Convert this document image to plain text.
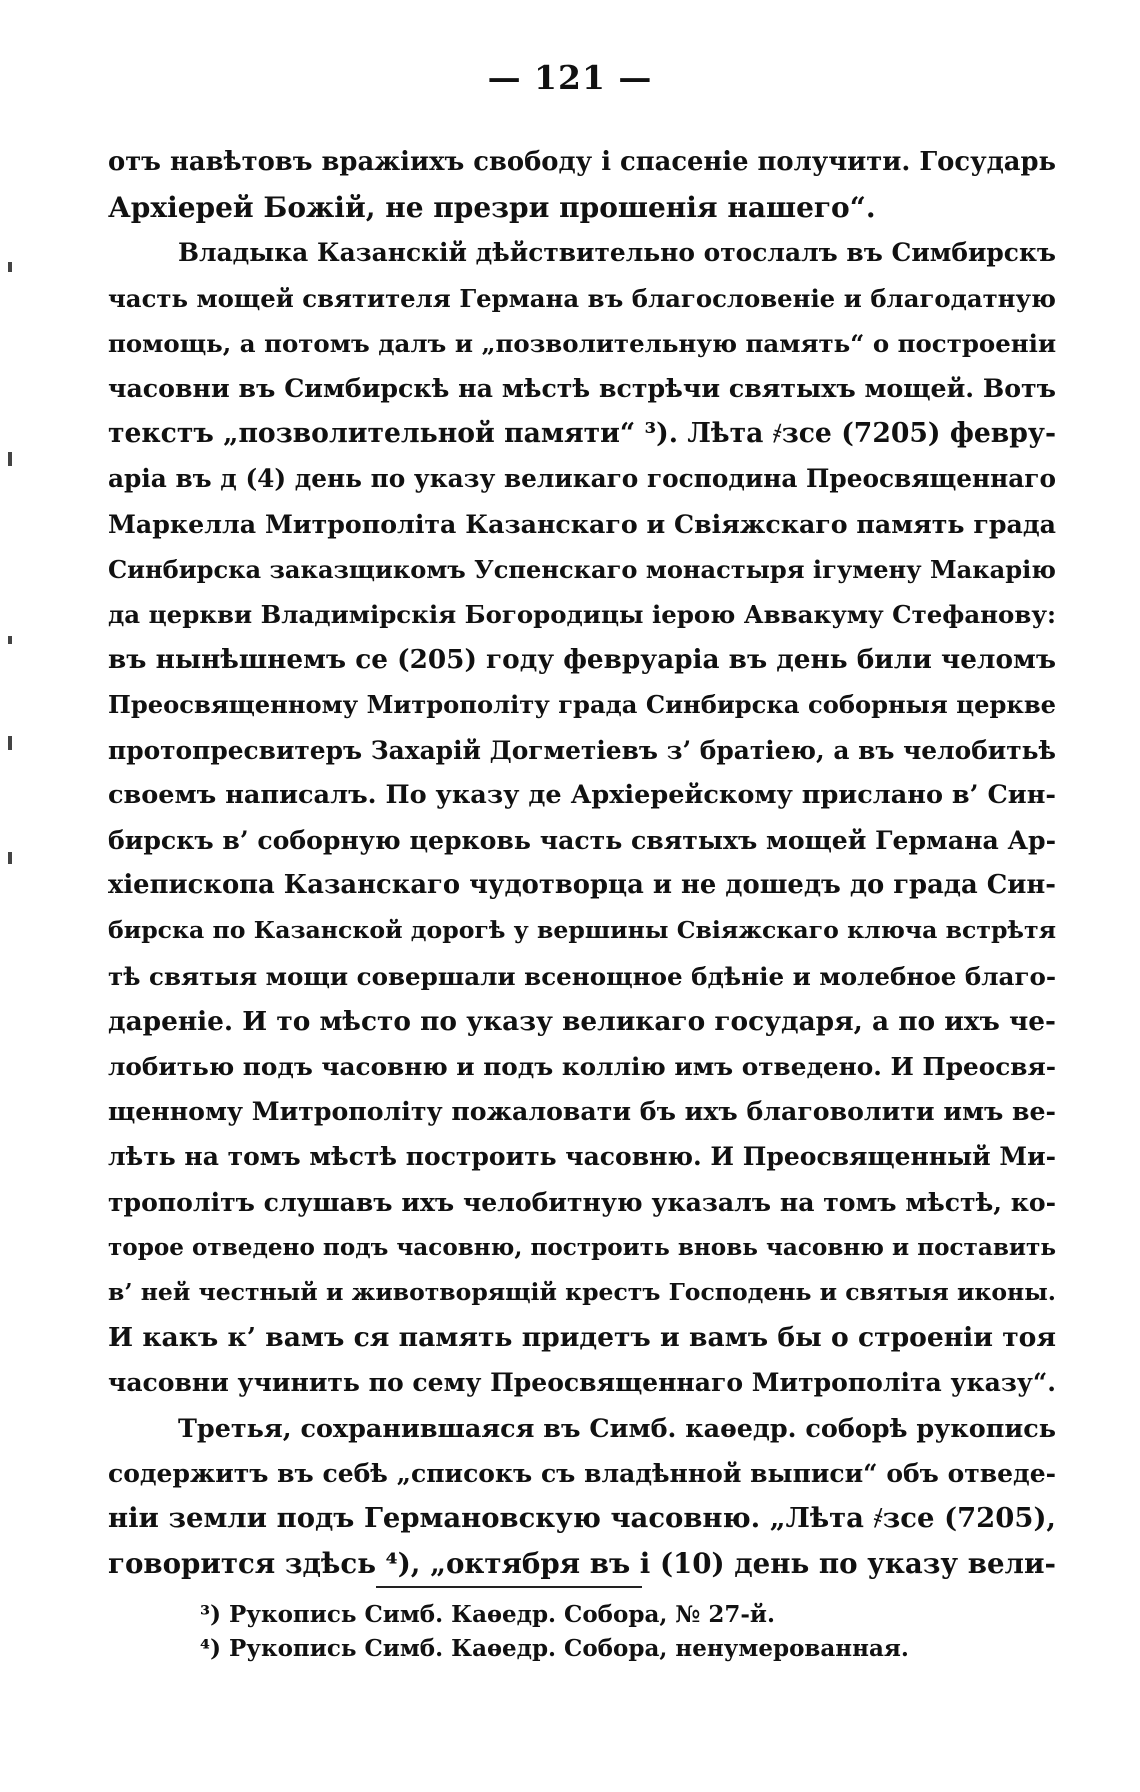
— 121 —

отъ навѣтовъ вражіихъ свободу і спасеніе получити. Государь
Архіерей Божій, не презри прошенія нашего“.

Владыка Казанскій дѣйствительно отослалъ въ Симбирскъ
часть мощей святителя Германа въ благословеніе и благодатную
помощь, а потомъ далъ и „позволительную память“ о построеніи
часовни въ Симбирскѣ на мѣстѣ встрѣчи святыхъ мощей. Вотъ
текстъ „позволительной памяти“ ³). Лѣта ҂зсе (7205) февру-
аріа въ д (4) день по указу великаго господина Преосвященнаго
Маркелла Митрополіта Казанскаго и Свіяжскаго память града
Синбирска заказщикомъ Успенскаго монастыря ігумену Макарію
да церкви Владимірскія Богородицы іерою Аввакуму Стефанову:
въ нынѣшнемъ се (205) году февруаріа въ день били челомъ
Преосвященному Митрополіту града Синбирска соборныя церкве
протопресвитеръ Захарій Догметіевъ з’ братіею, а въ челобитьѣ
своемъ написалъ. По указу де Архіерейскому прислано в’ Син-
бирскъ в’ соборную церковь часть святыхъ мощей Германа Ар-
хіепископа Казанскаго чудотворца и не дошедъ до града Син-
бирска по Казанской дорогѣ у вершины Свіяжскаго ключа встрѣтя
тѣ святыя мощи совершали всенощное бдѣніе и молебное благо-
дареніе. И то мѣсто по указу великаго государя, а по ихъ че-
лобитью подъ часовню и подъ коллію имъ отведено. И Преосвя-
щенному Митрополіту пожаловати бъ ихъ благоволити имъ ве-
лѣть на томъ мѣстѣ построить часовню. И Преосвященный Ми-
трополітъ слушавъ ихъ челобитную указалъ на томъ мѣстѣ, ко-
торое отведено подъ часовню, построить вновь часовню и поставить
в’ ней честный и животворящій крестъ Господень и святыя иконы.
И какъ к’ вамъ ся память придетъ и вамъ бы о строеніи тоя
часовни учинить по сему Преосвященнаго Митрополіта указу“.

Третья, сохранившаяся въ Симб. каѳедр. соборѣ рукопись
содержитъ въ себѣ „списокъ съ владѣнной выписи“ объ отведе-
ніи земли подъ Германовскую часовню. „Лѣта ҂зсе (7205),
говорится здѣсь ⁴), „октября въ і (10) день по указу вели-

³) Рукопись Симб. Каѳедр. Собора, № 27-й.
⁴) Рукопись Симб. Каѳедр. Собора, ненумерованная.
